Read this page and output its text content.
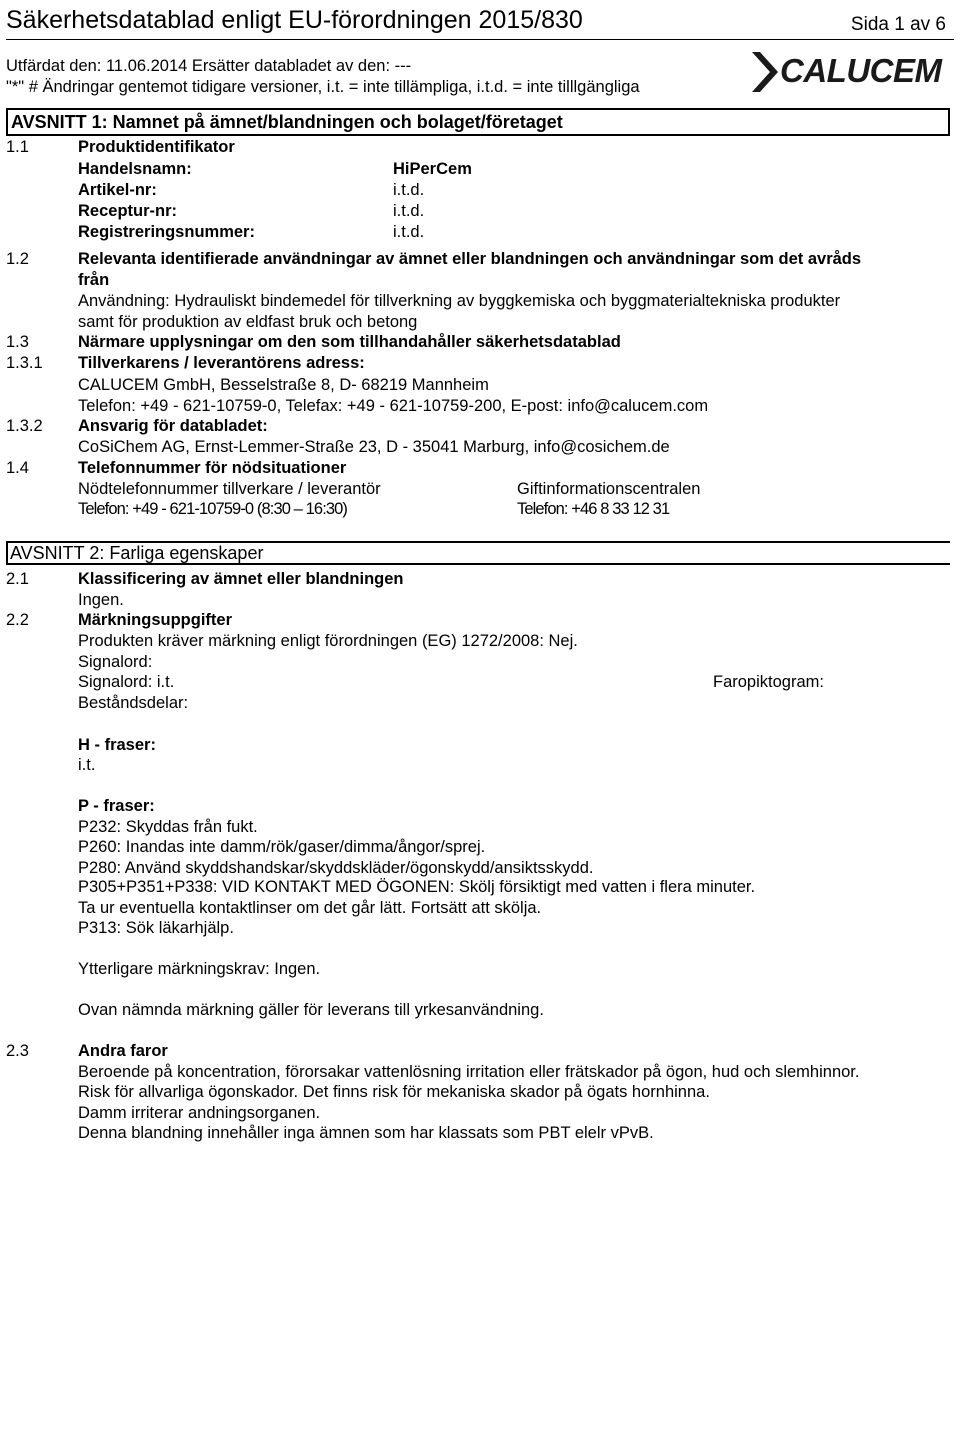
Säkerhetsdatablad enligt EU-förordningen 2015/830	Sida 1 av 6
Utfärdat den: 11.06.2014 Ersätter databladet av den: ---
"*" # Ändringar gentemot tidigare versioner, i.t. = inte tillämpliga, i.t.d. = inte tilllgängliga	CALUCEM
AVSNITT 1: Namnet på ämnet/blandningen och bolaget/företaget
1.1	Produktidentifikator
Handelsnamn:	HiPerCem
Artikel-nr:	i.t.d.
Receptur-nr:	i.t.d.
Registreringsnummer:	i.t.d.
1.2	Relevanta identifierade användningar av ämnet eller blandningen och användningar som det avråds
från
Användning: Hydrauliskt bindemedel för tillverkning av byggkemiska och byggmaterialtekniska produkter
samt för produktion av eldfast bruk och betong
1.3	Närmare upplysningar om den som tillhandahåller säkerhetsdatablad
1.3.1 Tillverkarens / leverantörens adress:
CALUCEM GmbH, Besselstraße 8, D- 68219 Mannheim
Telefon: +49 - 621-10759-0, Telefax: +49 - 621-10759-200, E-post: info@calucem.com
1.3.2 Ansvarig för databladet:
CoSiChem AG, Ernst-Lemmer-Straße 23, D - 35041 Marburg, info@cosichem.de
1.4	Telefonnummer för nödsituationer
Nödtelefonnummer tillverkare / leverantör	Giftinformationscentralen
Telefon: +49 - 621-10759-0 (8:30 – 16:30)	Telefon: +46 8 33 12 31
AVSNITT 2: Farliga egenskaper
2.1	Klassificering av ämnet eller blandningen
Ingen.
2.2	Märkningsuppgifter
Produkten kräver märkning enligt förordningen (EG) 1272/2008: Nej.
Signalord:
Signalord: i.t.	Faropiktogram:
Beståndsdelar:
H - fraser:
i.t.
P - fraser:
P232: Skyddas från fukt.
P260: Inandas inte damm/rök/gaser/dimma/ångor/sprej.
P280: Använd skyddshandskar/skyddskläder/ögonskydd/ansiktsskydd.
P305+P351+P338: VID KONTAKT MED ÖGONEN: Skölj försiktigt med vatten i flera minuter.
Ta ur eventuella kontaktlinser om det går lätt. Fortsätt att skölja.
P313: Sök läkarhjälp.
Ytterligare märkningskrav: Ingen.
Ovan nämnda märkning gäller för leverans till yrkesanvändning.
2.3	Andra faror
Beroende på koncentration, förorsakar vattenlösning irritation eller frätskador på ögon, hud och slemhinnor.
Risk för allvarliga ögonskador. Det finns risk för mekaniska skador på ögats hornhinna.
Damm irriterar andningsorganen.
Denna blandning innehåller inga ämnen som har klassats som PBT elelr vPvB.
